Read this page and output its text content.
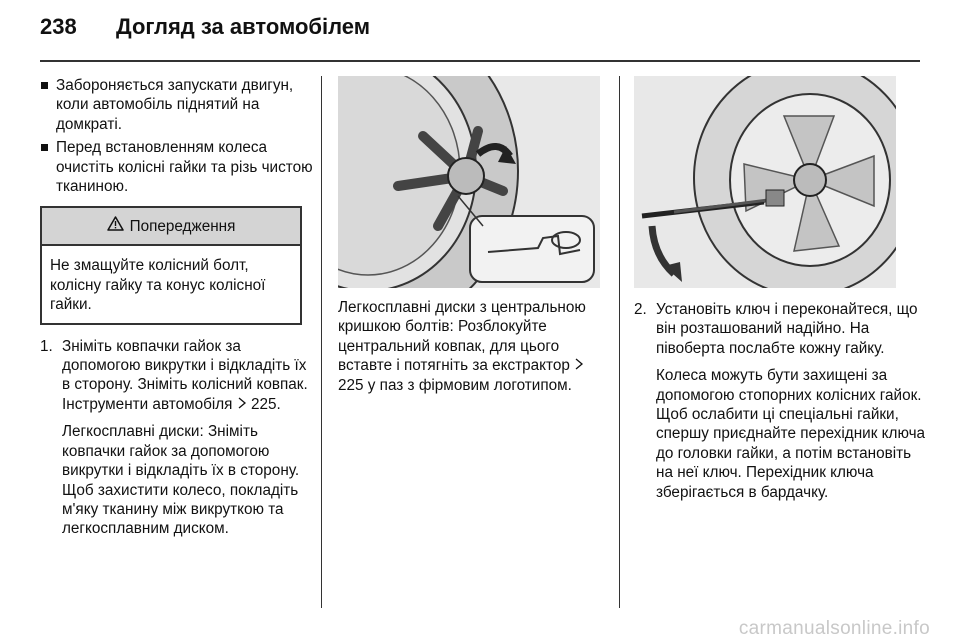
238 Догляд за автомобілем
Забороняється запускати двигун, коли автомобіль піднятий на домкраті.
Перед встановленням колеса очистіть колісні гайки та різь чистою тканиною.
Попередження
Не змащуйте колісний болт, колісну гайку та конус колісної гайки.
1. Зніміть ковпачки гайок за допомогою викрутки і відкладіть їх в сторону. Зніміть колісний ковпак. Інструменти автомобіля 225.
Легкосплавні диски: Зніміть ковпачки гайок за допомогою викрутки і відкладіть їх в сторону. Щоб захистити колесо, покладіть м'яку тканину між викруткою та легкосплавним диском.
Легкосплавні диски з центральною кришкою болтів: Розблокуйте центральний ковпак, для цього вставте і потягніть за екстрактор  225 у паз з фірмовим логотипом.
2. Установіть ключ і переконайтеся, що він розташований надійно. На півоберта послабте кожну гайку.
Колеса можуть бути захищені за допомогою стопорних колісних гайок. Щоб ослабити ці спеціальні гайки, спершу приєднайте перехідник ключа до головки гайки, а потім встановіть на неї ключ. Перехідник ключа зберігається в бардачку.
carmanualsonline.info
